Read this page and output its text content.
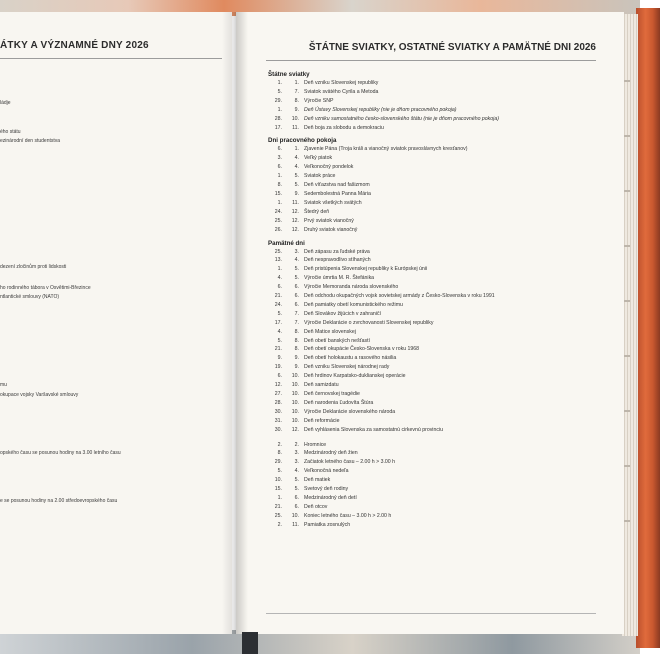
ÁTKY A VÝZNAMNÉ DNY 2026
ládje
ého státu
ezinárodní den studentstva
dezení zločinům proti lidskosti
ho rodinného tábora v Osvětimi-Březince
ntlantické smlouvy (NATO)
mu
okupace vojsky Varšavské smlouvy
opského času se posunou hodiny na 3.00 letního času
e se posunou hodiny na 2.00 středoevropského času
ŠTÁTNE SVIATKY, OSTATNÉ SVIATKY A PAMÄTNÉ DNI 2026
Štátne sviatky
1.	1. Deň vzniku Slovenskej republiky
5.	7. Sviatok svätého Cyrila a Metoda
29.	8. Výročie SNP
1.	9. Deň Ústavy Slovenskej republiky (nie je dňom pracovného pokoja)
28.	10. Deň vzniku samostatného česko-slovenského štátu (nie je dňom pracovného pokoja)
17.	11. Deň boja za slobodu a demokraciu
Dni pracovného pokoja
6.	1. Zjavenie Pána (Troja králi a vianočný sviatok pravoslávnych kresťanov)
3.	4. Veľký piatok
6.	4. Veľkonočný pondelok
1.	5. Sviatok práce
8.	5. Deň víťazstva nad fašizmom
15.	9. Sedembolestná Panna Mária
1.	11. Sviatok všetkých svätých
24.	12. Štedrý deň
25.	12. Prvý sviatok vianočný
26.	12. Druhý sviatok vianočný
Pamätné dni
25.	3. Deň zápasu za ľudské práva
13.	4. Deň nespravodlivo stíhaných
1.	5. Deň pristúpenia Slovenskej republiky k Európskej únii
4.	5. Výročie úmrtia M. R. Štefánika
6.	6. Výročie Memoranda národa slovenského
21.	6. Deň odchodu okupačných vojsk sovietskej armády z Česko-Slovenska v roku 1991
24.	6. Deň pamiatky obetí komunistického režimu
5.	7. Deň Slovákov žijúcich v zahraničí
17.	7. Výročie Deklarácie o zvrchovanosti Slovenskej republiky
4.	8. Deň Matice slovenskej
5.	8. Deň obetí banských nešťastí
21.	8. Deň obetí okupácie Česko-Slovenska v roku 1968
9.	9. Deň obetí holokaustu a rasového násilia
19.	9. Deň vzniku Slovenskej národnej rady
6.	10. Deň hrdinov Karpatsko-duklianskej operácie
12.	10. Deň samizdatu
27.	10. Deň černovskej tragédie
28.	10. Deň narodenia Ľudovíta Štúra
30.	10. Výročie Deklarácie slovenského národa
31.	10. Deň reformácie
30.	12. Deň vyhlásenia Slovenska za samostatnú cirkevnú provinciu
2.	2. Hromnice
8.	3. Medzinárodný deň žien
29.	3. Začiatok letného času – 2.00 h > 3.00 h
5.	4. Veľkonočná nedeľa
10.	5. Deň matiek
15.	5. Svetový deň rodiny
1.	6. Medzinárodný deň detí
21.	6. Deň otcov
25.	10. Koniec letného času – 3.00 h > 2.00 h
2.	11. Pamiatka zosnulých
